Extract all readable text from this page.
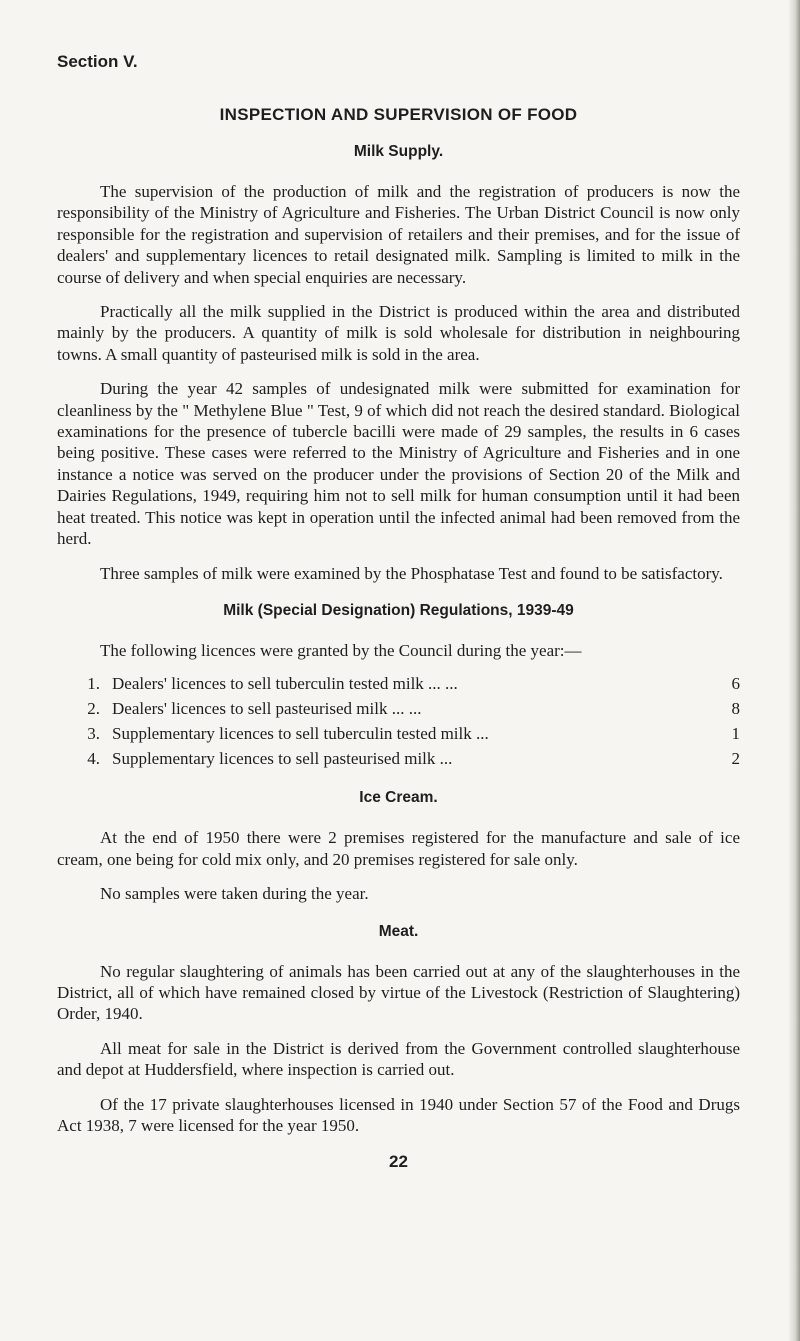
Section V.
INSPECTION AND SUPERVISION OF FOOD
Milk Supply.

The supervision of the production of milk and the registration of producers is now the responsibility of the Ministry of Agriculture and Fisheries. The Urban District Council is now only responsible for the registration and supervision of retailers and their premises, and for the issue of dealers' and supplementary licences to retail designated milk. Sampling is limited to milk in the course of delivery and when special enquiries are necessary.

Practically all the milk supplied in the District is produced within the area and distributed mainly by the producers. A quantity of milk is sold wholesale for distribution in neighbouring towns. A small quantity of pasteurised milk is sold in the area.

During the year 42 samples of undesignated milk were submitted for examination for cleanliness by the " Methylene Blue " Test, 9 of which did not reach the desired standard. Biological examinations for the presence of tubercle bacilli were made of 29 samples, the results in 6 cases being positive. These cases were referred to the Ministry of Agriculture and Fisheries and in one instance a notice was served on the producer under the provisions of Section 20 of the Milk and Dairies Regulations, 1949, requiring him not to sell milk for human consumption until it had been heat treated. This notice was kept in operation until the infected animal had been removed from the herd.

Three samples of milk were examined by the Phosphatase Test and found to be satisfactory.

Milk (Special Designation) Regulations, 1939-49

The following licences were granted by the Council during the year:—

1. Dealers' licences to sell tuberculin tested milk ... ...	6
2. Dealers' licences to sell pasteurised milk ... ...	8
3. Supplementary licences to sell tuberculin tested milk ...	1
4. Supplementary licences to sell pasteurised milk ...	2
Ice Cream.

At the end of 1950 there were 2 premises registered for the manufacture and sale of ice cream, one being for cold mix only, and 20 premises registered for sale only.

No samples were taken during the year.

Meat.

No regular slaughtering of animals has been carried out at any of the slaughterhouses in the District, all of which have remained closed by virtue of the Livestock (Restriction of Slaughtering) Order, 1940.

All meat for sale in the District is derived from the Government controlled slaughterhouse and depot at Huddersfield, where inspection is carried out.

Of the 17 private slaughterhouses licensed in 1940 under Section 57 of the Food and Drugs Act 1938, 7 were licensed for the year 1950.

22
